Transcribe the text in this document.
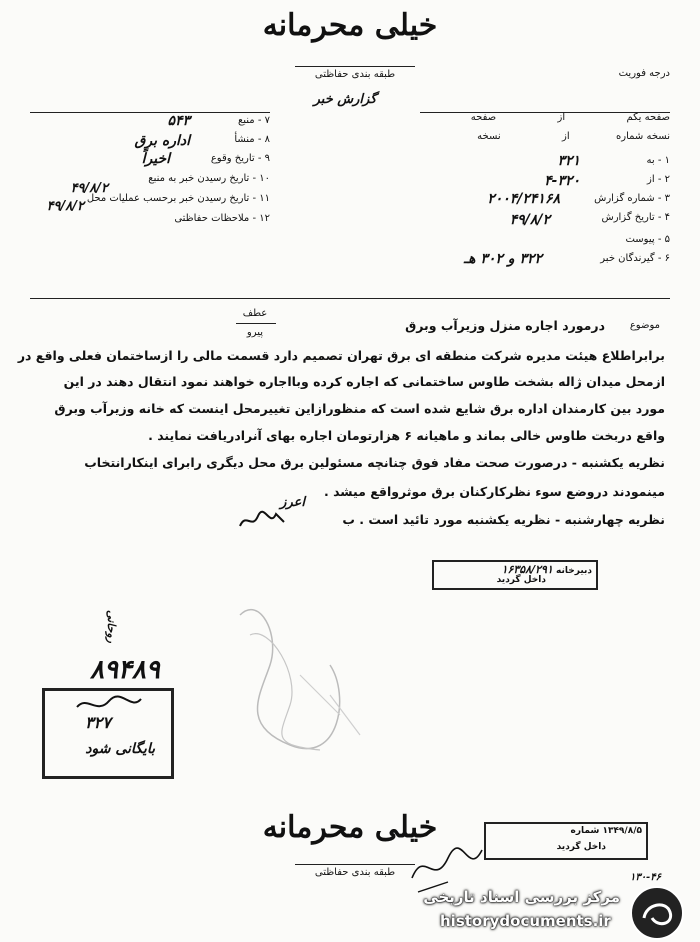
خیلی محرمانه
طبقه بندی حفاظتی
گزارش خبر
درجه فوریت
صفحه یکم  از  صفحه
نسخه شماره  از  نسخه
۱ - به
۳۲۱
۲ - از
۴-۳۲۰
۳ - شماره گزارش
۲۰۰۴/۲۴۱۶۸
۴ - تاریخ گزارش
۴۹/۸/۲
۵ - پیوست
۶ - گیرندگان خبر
۳۲۲ و ۳۰۲ هـ
۷ - منبع
۵۴۳
۸ - منشأ
اداره برق
۹ - تاریخ وقوع
اخیراً
۱۰ - تاریخ رسیدن خبر به منبع
۴۹/۸/۲
۱۱ - تاریخ رسیدن خبر برحسب عملیات محل
۴۹/۸/۲
۱۲ - ملاحظات حفاظتی
عطف
پیرو
موضوع
درمورد اجاره منزل وزیرآب وبرق
برابراطلاع هیئت مدیره شرکت منطقه ای برق تهران تصمیم دارد قسمت مالی را ازساختمان فعلی واقع در
ازمحل میدان ژاله بشخت طاوس ساختمانی که اجاره کرده وبااجاره خواهند نمود انتقال دهند در این
مورد بین کارمندان اداره برق شایع شده است که منظورازاین تغییرمحل اینست که خانه وزیرآب وبرق
واقع دربخت طاوس خالی بماند و ماهیانه ۶ هزارتومان اجاره بهای آنرادریافت نمایند .
نظریه یکشنبه - درصورت صحت مفاد فوق چنانچه مسئولین برق محل دیگری رابرای اینکارانتخاب
مینمودند دروضع سوء نظرکارکنان برق موثرواقع میشد .
نظریه چهارشنبه - نظریه یکشنبه مورد تائید است . ب
اعرز
دبیرخانه ۱۶۳۵۸/۲۹۱
داخل گردید
روحانی
۸۹۴۸۹
۳۲۷
بایگانی شود
خیلی محرمانه
طبقه بندی حفاظتی
۱۳۴۹/۸/۵ شماره
داخل گردید
۱۳۰-۴۶
مرکز بررسی اسناد تاریخی
historydocuments.ir
